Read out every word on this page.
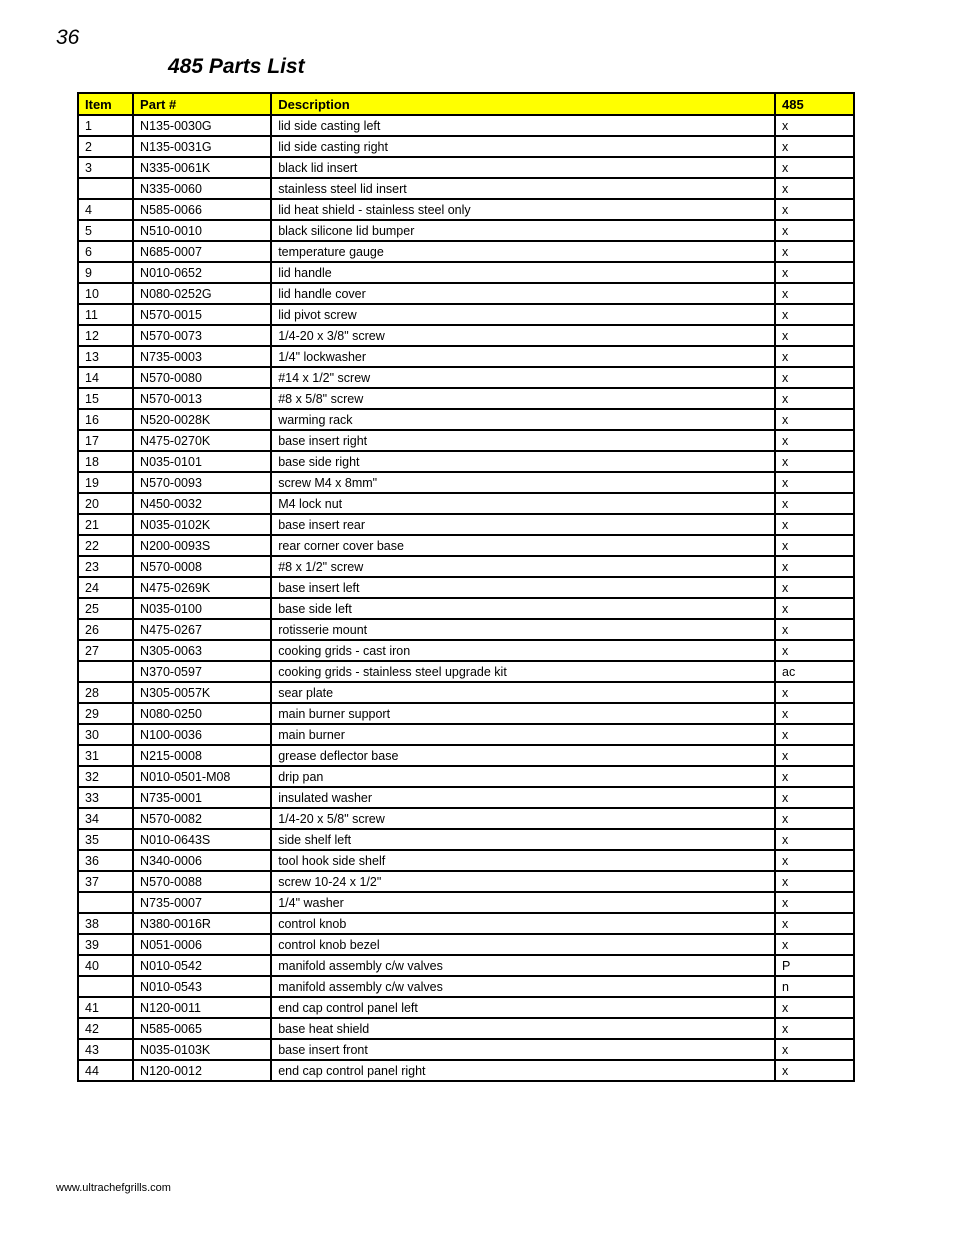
36
485 Parts List
Item	Part #	Description	485
1	N135-0030G	lid side casting left	x
2	N135-0031G	lid side casting right	x
3	N335-0061K	black lid insert	x
	N335-0060	stainless steel lid insert	x
4	N585-0066	lid heat shield - stainless steel only	x
5	N510-0010	black silicone lid bumper	x
6	N685-0007	temperature gauge	x
9	N010-0652	lid handle	x
10	N080-0252G	lid handle cover	x
11	N570-0015	lid pivot screw	x
12	N570-0073	1/4-20 x 3/8" screw	x
13	N735-0003	1/4" lockwasher	x
14	N570-0080	#14 x 1/2" screw	x
15	N570-0013	#8 x 5/8" screw	x
16	N520-0028K	warming rack	x
17	N475-0270K	base insert right	x
18	N035-0101	base side right	x
19	N570-0093	screw M4 x 8mm"	x
20	N450-0032	M4 lock nut	x
21	N035-0102K	base insert rear	x
22	N200-0093S	rear corner cover base	x
23	N570-0008	#8 x 1/2" screw	x
24	N475-0269K	base insert left	x
25	N035-0100	base side left	x
26	N475-0267	rotisserie mount	x
27	N305-0063	cooking grids - cast iron	x
	N370-0597	cooking grids - stainless steel upgrade kit	ac
28	N305-0057K	sear plate	x
29	N080-0250	main burner support	x
30	N100-0036	main burner	x
31	N215-0008	grease deflector base	x
32	N010-0501-M08	drip pan	x
33	N735-0001	insulated washer	x
34	N570-0082	1/4-20 x 5/8" screw	x
35	N010-0643S	side shelf left	x
36	N340-0006	tool hook side shelf	x
37	N570-0088	screw 10-24 x 1/2"	x
	N735-0007	1/4" washer	x
38	N380-0016R	control knob	x
39	N051-0006	control knob bezel	x
40	N010-0542	manifold assembly c/w valves	P
	N010-0543	manifold assembly c/w valves	n
41	N120-0011	end cap control panel left	x
42	N585-0065	base heat shield	x
43	N035-0103K	base insert front	x
44	N120-0012	end cap control panel right	x
www.ultrachefgrills.com
